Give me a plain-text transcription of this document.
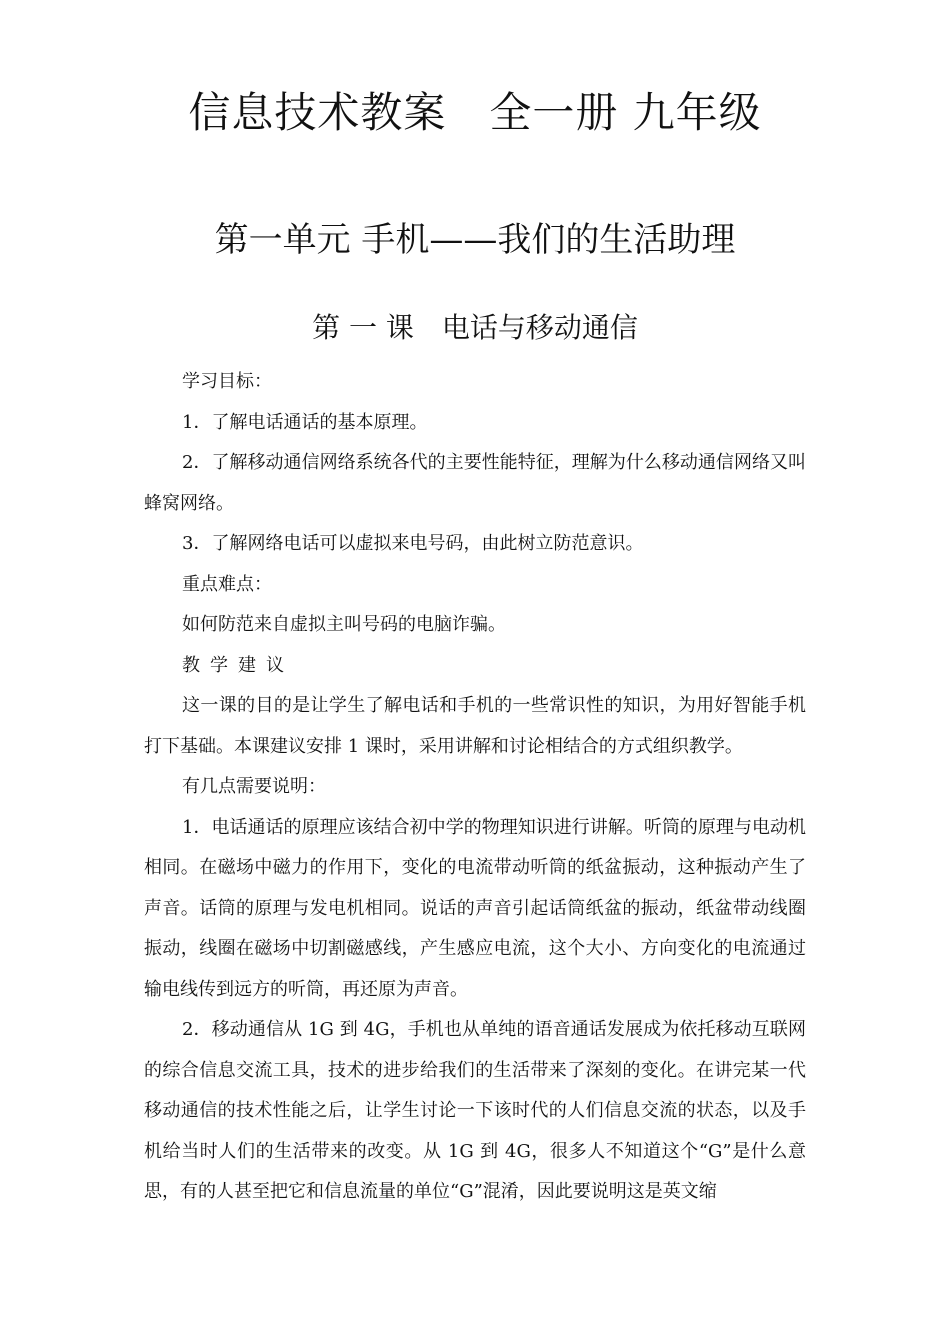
信息技术教案　全一册 九年级
第一单元 手机——我们的生活助理
第 一 课　电话与移动通信

学习目标：

1．了解电话通话的基本原理。

2．了解移动通信网络系统各代的主要性能特征，理解为什么移动通信网络又叫蜂窝网络。

3．了解网络电话可以虚拟来电号码，由此树立防范意识。

重点难点：

如何防范来自虚拟主叫号码的电脑诈骗。

教学建议

这一课的目的是让学生了解电话和手机的一些常识性的知识，为用好智能手机打下基础。本课建议安排 1 课时，采用讲解和讨论相结合的方式组织教学。

有几点需要说明：

1．电话通话的原理应该结合初中学的物理知识进行讲解。听筒的原理与电动机相同。在磁场中磁力的作用下，变化的电流带动听筒的纸盆振动，这种振动产生了声音。话筒的原理与发电机相同。说话的声音引起话筒纸盆的振动，纸盆带动线圈振动，线圈在磁场中切割磁感线，产生感应电流，这个大小、方向变化的电流通过输电线传到远方的听筒，再还原为声音。

2．移动通信从 1G 到 4G，手机也从单纯的语音通话发展成为依托移动互联网的综合信息交流工具，技术的进步给我们的生活带来了深刻的变化。在讲完某一代移动通信的技术性能之后，让学生讨论一下该时代的人们信息交流的状态，以及手机给当时人们的生活带来的改变。从 1G 到 4G，很多人不知道这个“G”是什么意思，有的人甚至把它和信息流量的单位“G”混淆，因此要说明这是英文缩
